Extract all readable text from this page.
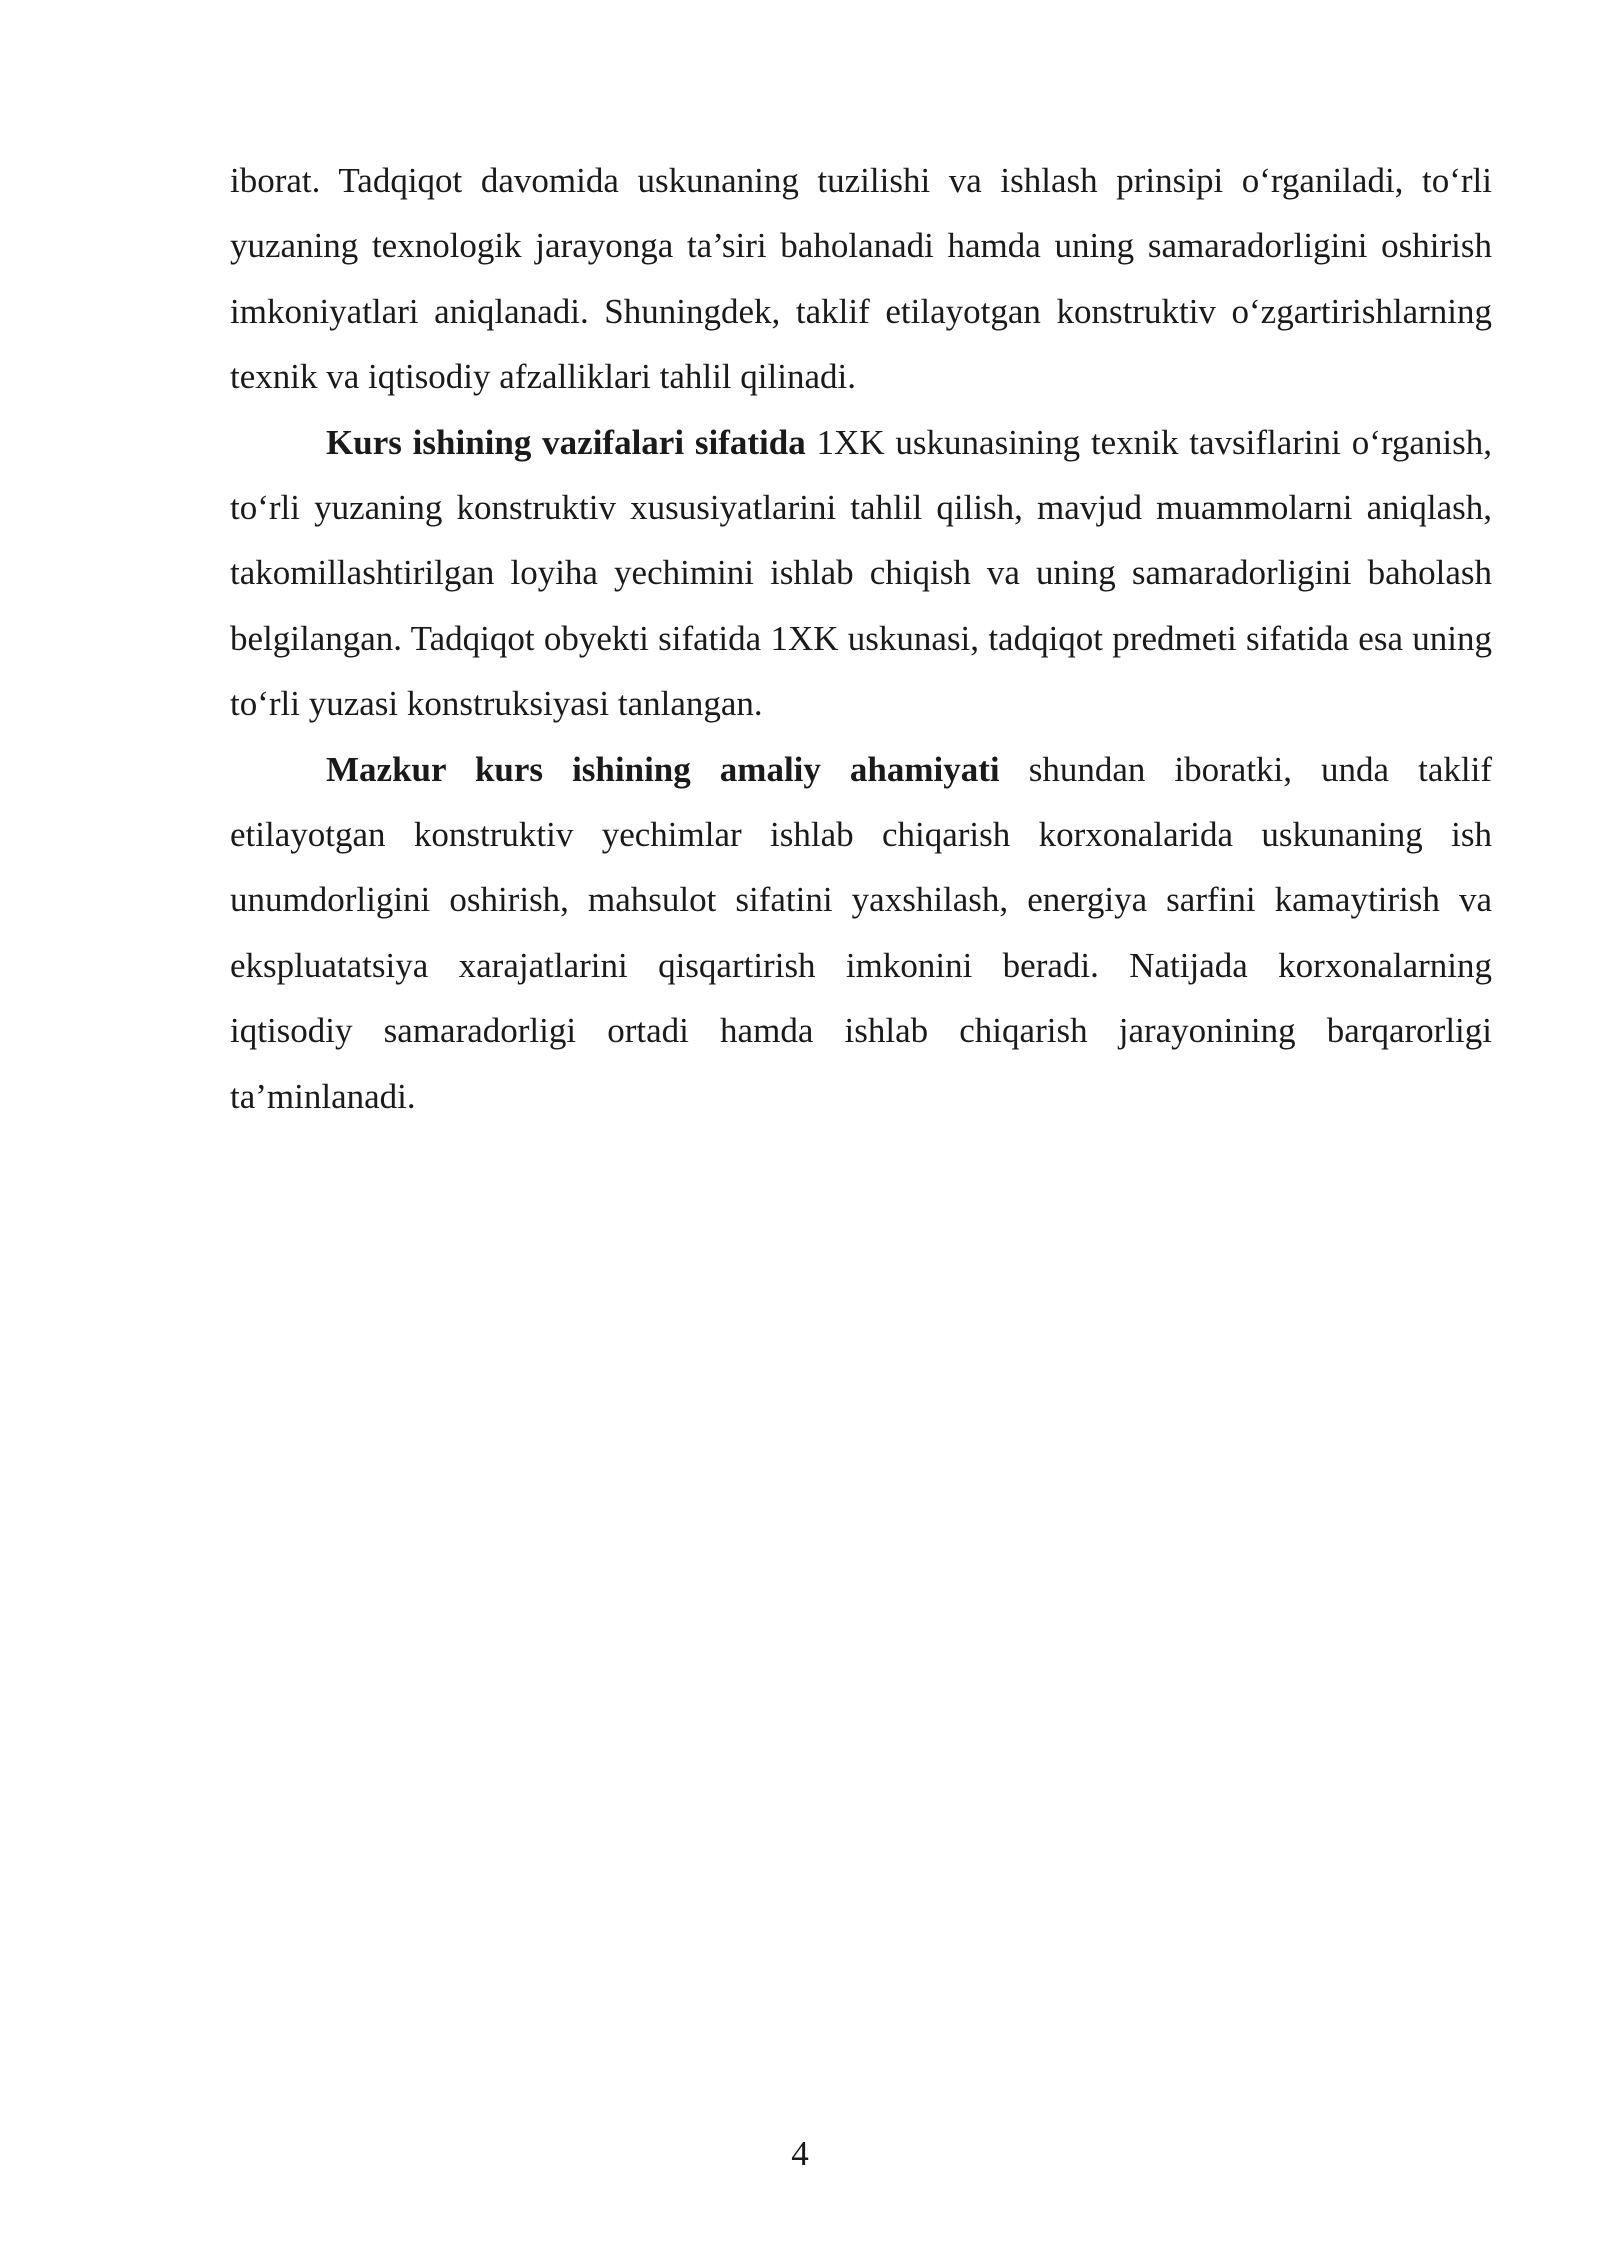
iborat. Tadqiqot davomida uskunaning tuzilishi va ishlash prinsipi o‘rganiladi, to‘rli yuzaning texnologik jarayonga ta’siri baholanadi hamda uning samaradorligini oshirish imkoniyatlari aniqlanadi. Shuningdek, taklif etilayotgan konstruktiv o‘zgartirishlarning texnik va iqtisodiy afzalliklari tahlil qilinadi.

Kurs ishining vazifalari sifatida 1XK uskunasining texnik tavsiflarini o‘rganish, to‘rli yuzaning konstruktiv xususiyatlarini tahlil qilish, mavjud muammolarni aniqlash, takomillashtirilgan loyiha yechimini ishlab chiqish va uning samaradorligini baholash belgilangan. Tadqiqot obyekti sifatida 1XK uskunasi, tadqiqot predmeti sifatida esa uning to‘rli yuzasi konstruksiyasi tanlangan.

Mazkur kurs ishining amaliy ahamiyati shundan iboratki, unda taklif etilayotgan konstruktiv yechimlar ishlab chiqarish korxonalarida uskunaning ish unumdorligini oshirish, mahsulot sifatini yaxshilash, energiya sarfini kamaytirish va ekspluatatsiya xarajatlarini qisqartirish imkonini beradi. Natijada korxonalarning iqtisodiy samaradorligi ortadi hamda ishlab chiqarish jarayonining barqarorligi ta’minlanadi.

4
